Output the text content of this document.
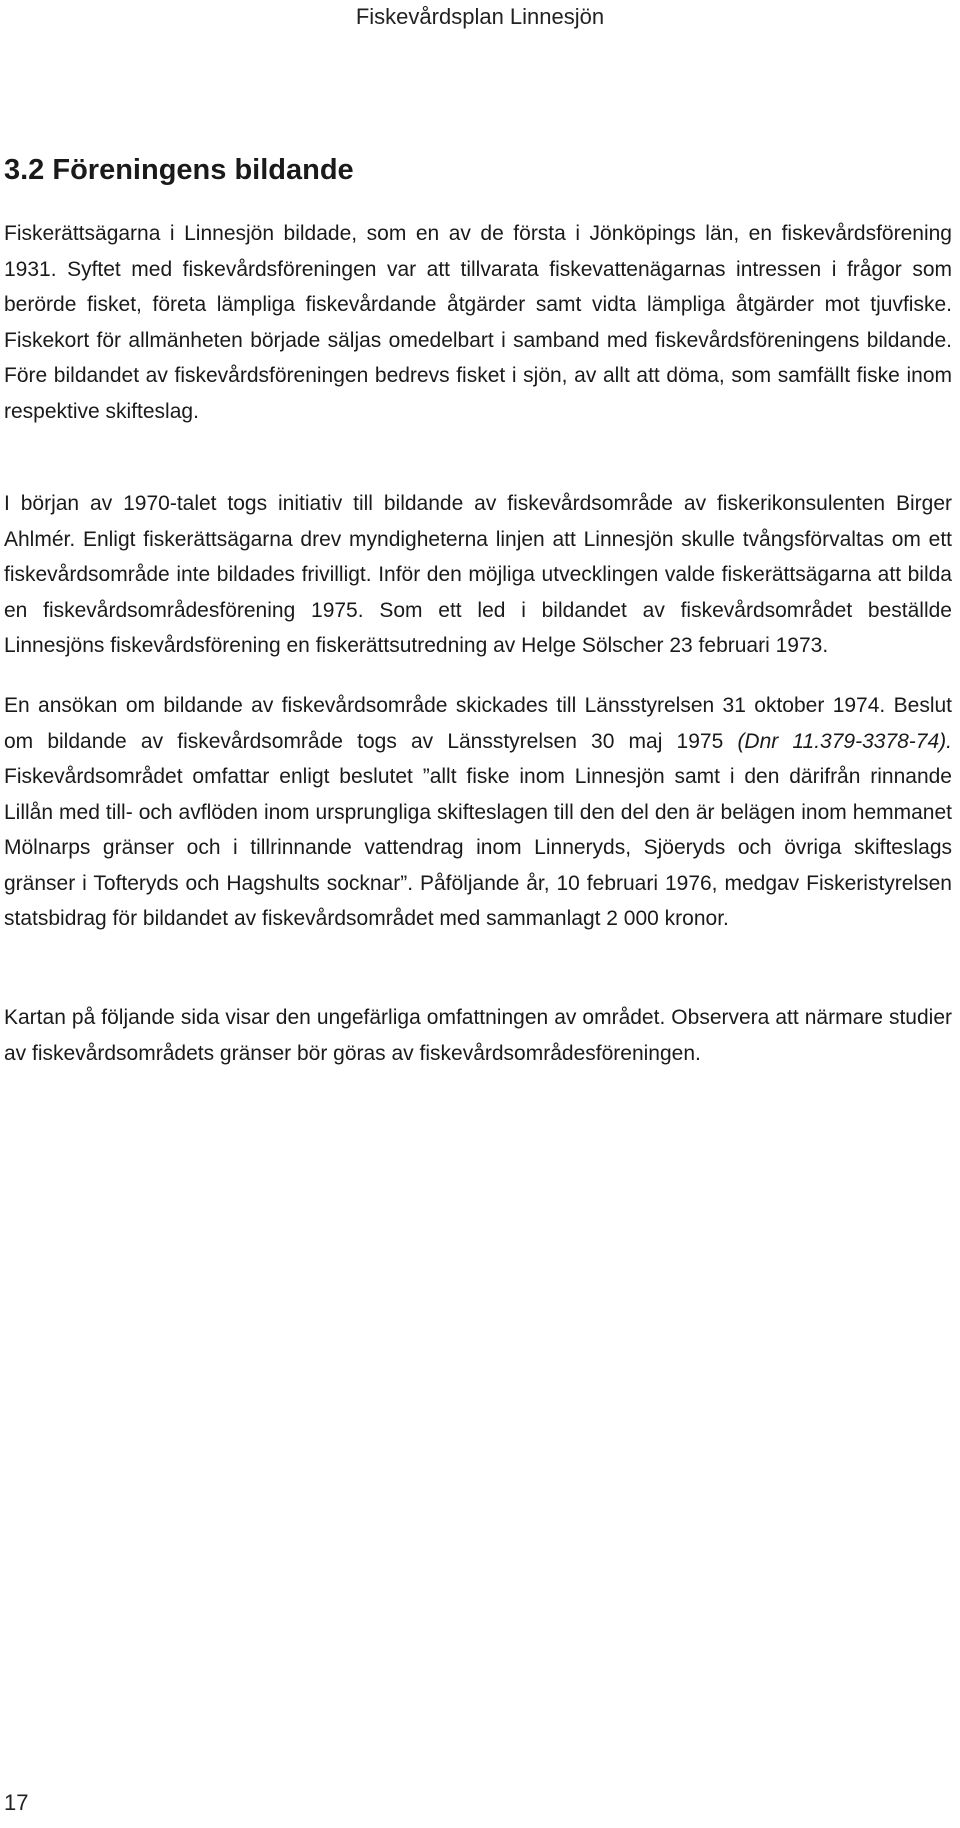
Fiskevårdsplan Linnesjön
3.2 Föreningens bildande

Fiskerättsägarna i Linnesjön bildade, som en av de första i Jönköpings län, en fiskevårdsförening 1931. Syftet med fiskevårdsföreningen var att tillvarata fiskevattenägarnas intressen i frågor som berörde fisket, företa lämpliga fiskevårdande åtgärder samt vidta lämpliga åtgärder mot tjuvfiske. Fiskekort för allmänheten började säljas omedelbart i samband med fiskevårdsföreningens bildande. Före bildandet av fiskevårdsföreningen bedrevs fisket i sjön, av allt att döma, som samfällt fiske inom respektive skifteslag.

I början av 1970-talet togs initiativ till bildande av fiskevårdsområde av fiskerikonsulenten Birger Ahlmér. Enligt fiskerättsägarna drev myndigheterna linjen att Linnesjön skulle tvångsförvaltas om ett fiskevårdsområde inte bildades frivilligt. Inför den möjliga utvecklingen valde fiskerättsägarna att bilda en fiskevårdsområdesförening 1975. Som ett led i bildandet av fiskevårdsområdet beställde Linnesjöns fiskevårdsförening en fiskerättsutredning av Helge Sölscher 23 februari 1973.

En ansökan om bildande av fiskevårdsområde skickades till Länsstyrelsen 31 oktober 1974. Beslut om bildande av fiskevårdsområde togs av Länsstyrelsen 30 maj 1975 (Dnr 11.379-3378-74). Fiskevårdsområdet omfattar enligt beslutet ”allt fiske inom Linnesjön samt i den därifrån rinnande Lillån med till- och avflöden inom ursprungliga skifteslagen till den del den är belägen inom hemmanet Mölnarps gränser och i tillrinnande vattendrag inom Linneryds, Sjöeryds och övriga skifteslags gränser i Tofteryds och Hagshults socknar”. Påföljande år, 10 februari 1976, medgav Fiskeristyrelsen statsbidrag för bildandet av fiskevårdsområdet med sammanlagt 2 000 kronor.

Kartan på följande sida visar den ungefärliga omfattningen av området. Observera att närmare studier av fiskevårdsområdets gränser bör göras av fiskevårdsområdesföreningen.

17
